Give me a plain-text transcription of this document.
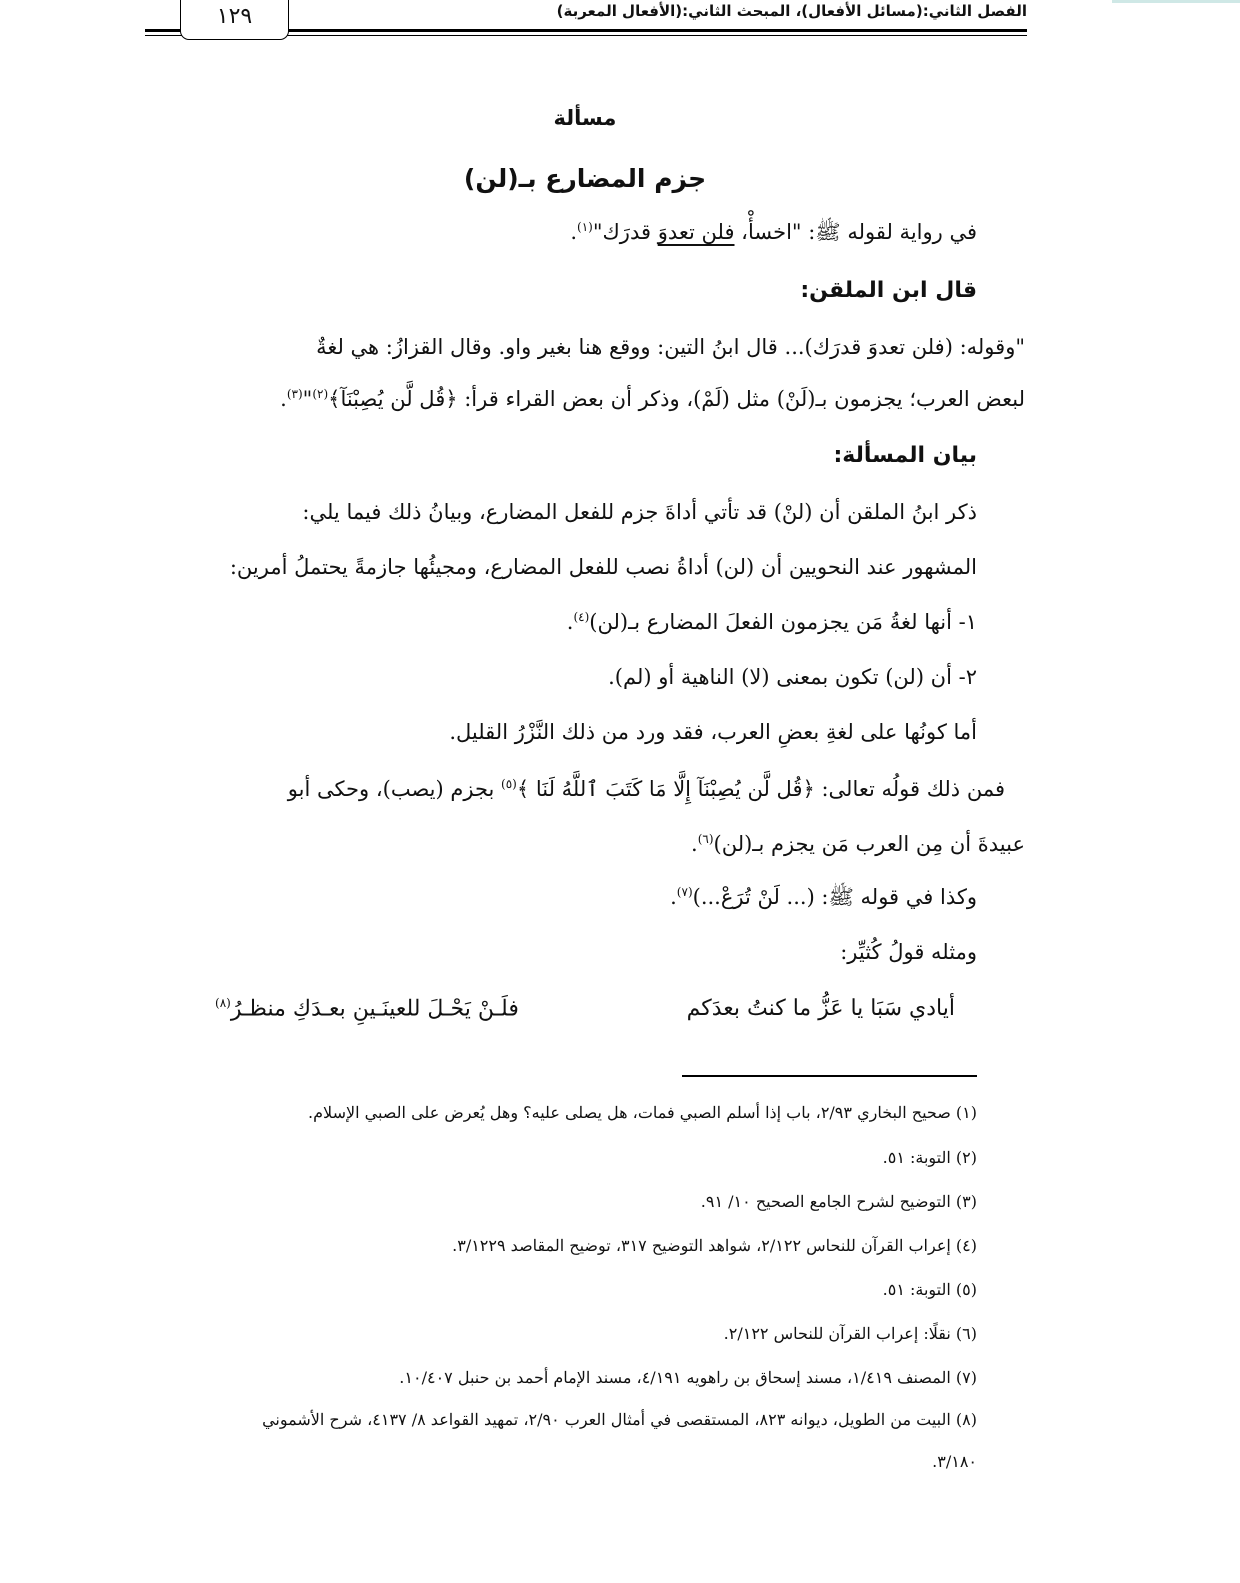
الفصل الثاني:(مسائل الأفعال)، المبحث الثاني:(الأفعال المعربة)
١٢٩
مسألة
جزم المضارع بـ(لن)
في رواية لقوله ﷺ: "اخسأْ، فلن تعدوَ قدرَك"$^{(١)}$.
قال ابن الملقن:
"وقوله: (فلن تعدوَ قدرَك)... قال ابنُ التين: ووقع هنا بغير واو. وقال القزازُ: هي لغةٌ
لبعض العرب؛ يجزمون بـ(لَنْ) مثل (لَمْ)، وذكر أن بعض القراء قرأ: ﴿قُل لَّن يُصِبْنَآ﴾$^{(٢)}$"$^{(٣)}$.
بيان المسألة:
ذكر ابنُ الملقن أن (لنْ) قد تأتي أداةَ جزم للفعل المضارع، وبيانُ ذلك فيما يلي:
المشهور عند النحويين أن (لن) أداةُ نصب للفعل المضارع، ومجيئُها جازمةً يحتملُ أمرين:
١- أنها لغةُ مَن يجزمون الفعلَ المضارع بـ(لن)$^{(٤)}$.
٢- أن (لن) تكون بمعنى (لا) الناهية أو (لم).
أما كونُها على لغةِ بعضِ العرب، فقد ورد من ذلك النَّزْرُ القليل.
فمن ذلك قولُه تعالى: ﴿قُل لَّن يُصِبْنَآ إِلَّا مَا كَتَبَ ٱللَّهُ لَنَا ﴾$^{(٥)}$ بجزم (يصب)، وحكى أبو
عبيدةَ أن مِن العرب مَن يجزم بـ(لن)$^{(٦)}$.
وكذا في قوله ﷺ: (... لَنْ تُرَعْ...)$^{(٧)}$.
ومثله قولُ كُثيِّر:
أيادي سَبَا يا عَزُّ ما كنتُ بعدَكم
فلَـنْ يَحْـلَ للعينَـينِ بعـدَكِ منظـرُ$^{(٨)}$
(١) صحيح البخاري ٢/٩٣، باب إذا أسلم الصبي فمات، هل يصلى عليه؟ وهل يُعرض على الصبي الإسلام.
(٢) التوبة: ٥١.
(٣) التوضيح لشرح الجامع الصحيح ١٠/ ٩١.
(٤) إعراب القرآن للنحاس ٢/١٢٢، شواهد التوضيح ٣١٧، توضيح المقاصد ٣/١٢٢٩.
(٥) التوبة: ٥١.
(٦) نقلًا: إعراب القرآن للنحاس ٢/١٢٢.
(٧) المصنف ١/٤١٩، مسند إسحاق بن راهويه ٤/١٩١، مسند الإمام أحمد بن حنبل ١٠/٤٠٧.
(٨) البيت من الطويل، ديوانه ٨٢٣، المستقصى في أمثال العرب ٢/٩٠، تمهيد القواعد ٨/ ٤١٣٧، شرح الأشموني
٣/١٨٠.
